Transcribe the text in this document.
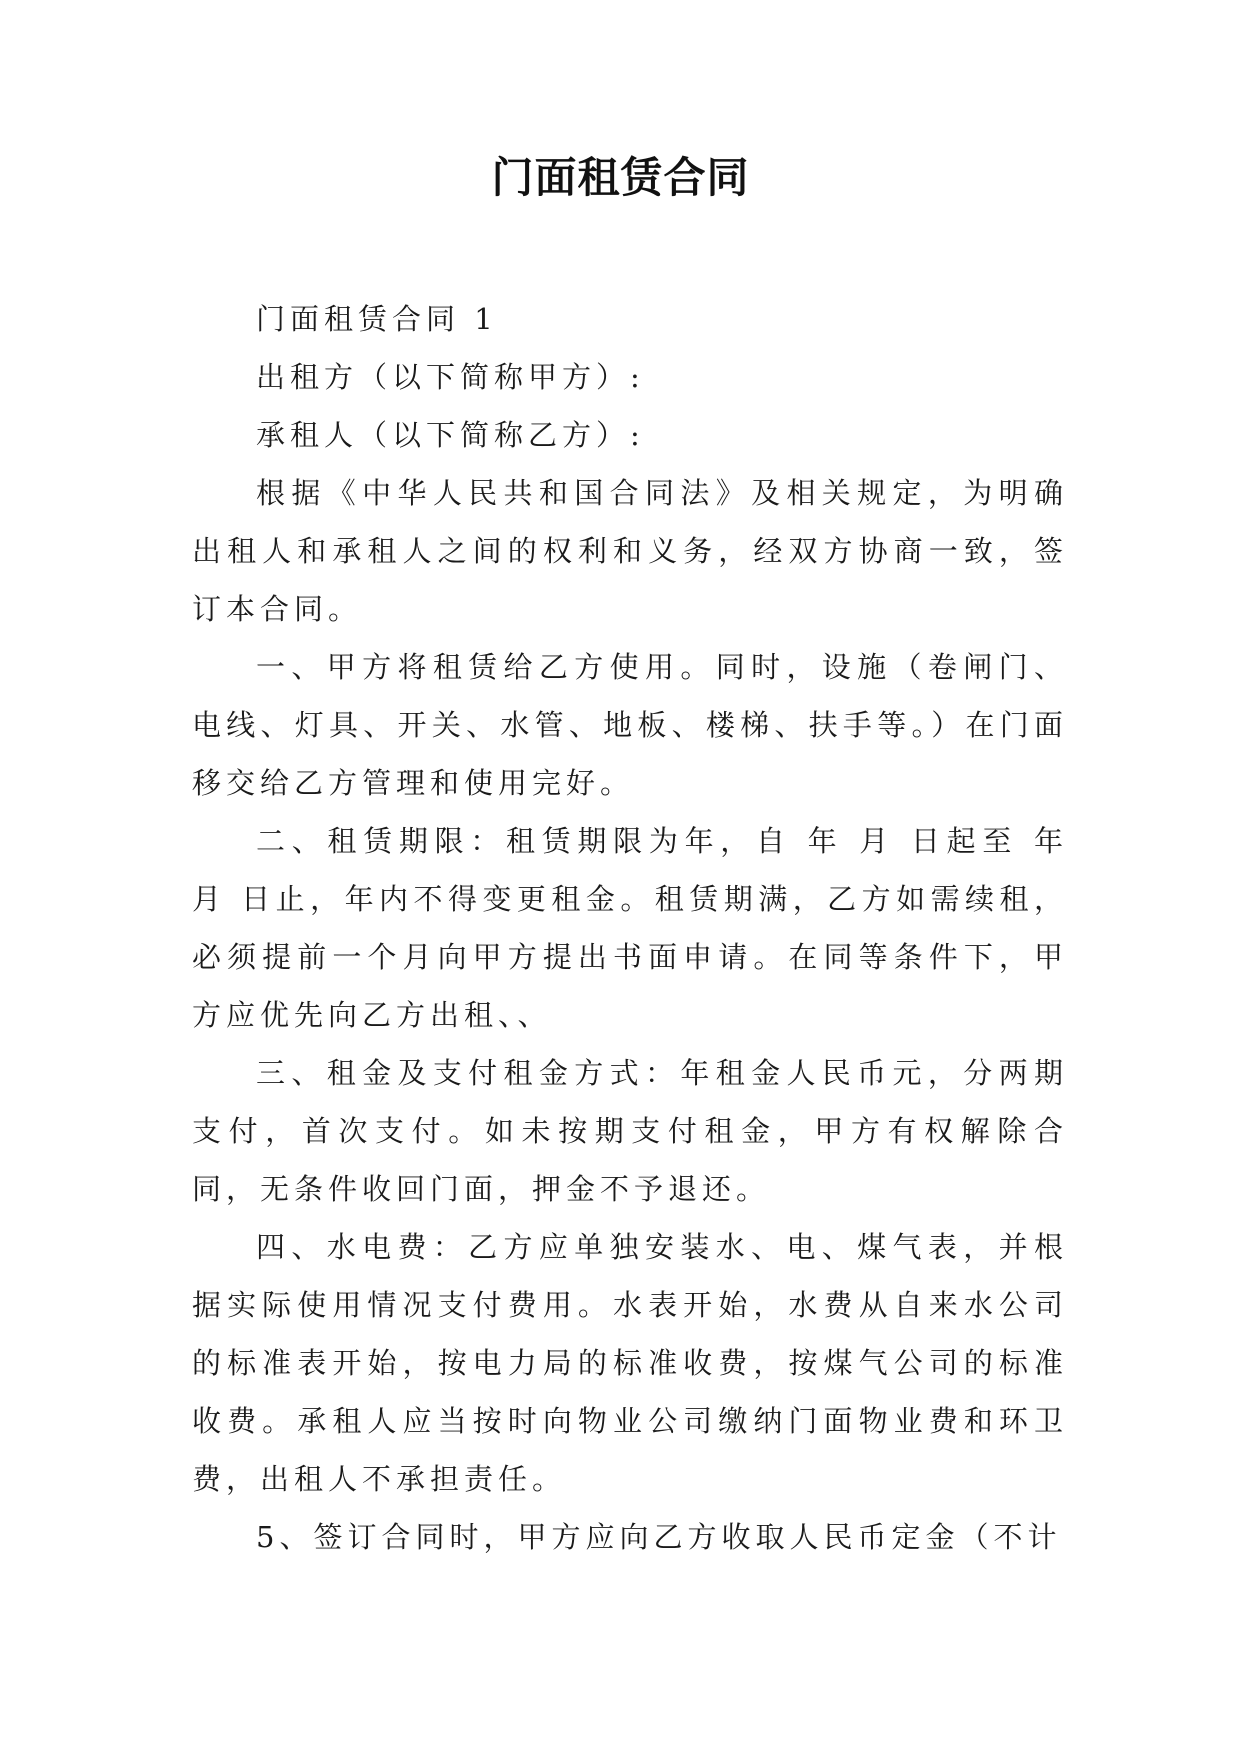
门面租赁合同

门面租赁合同 1

出租方（以下简称甲方）:

承租人（以下简称乙方）:

根据《中华人民共和国合同法》及相关规定，为明确出租人和承租人之间的权利和义务，经双方协商一致，签订本合同。

一、甲方将租赁给乙方使用。同时，设施（卷闸门、电线、灯具、开关、水管、地板、楼梯、扶手等。）在门面移交给乙方管理和使用完好。

二、租赁期限：租赁期限为年，自 年 月 日起至 年 月 日止，年内不得变更租金。租赁期满，乙方如需续租，必须提前一个月向甲方提出书面申请。在同等条件下，甲方应优先向乙方出租、、

三、租金及支付租金方式：年租金人民币元，分两期支付，首次支付。如未按期支付租金，甲方有权解除合同，无条件收回门面，押金不予退还。

四、水电费：乙方应单独安装水、电、煤气表，并根据实际使用情况支付费用。水表开始，水费从自来水公司的标准表开始，按电力局的标准收费，按煤气公司的标准收费。承租人应当按时向物业公司缴纳门面物业费和环卫费，出租人不承担责任。

5、签订合同时，甲方应向乙方收取人民币定金（不计
